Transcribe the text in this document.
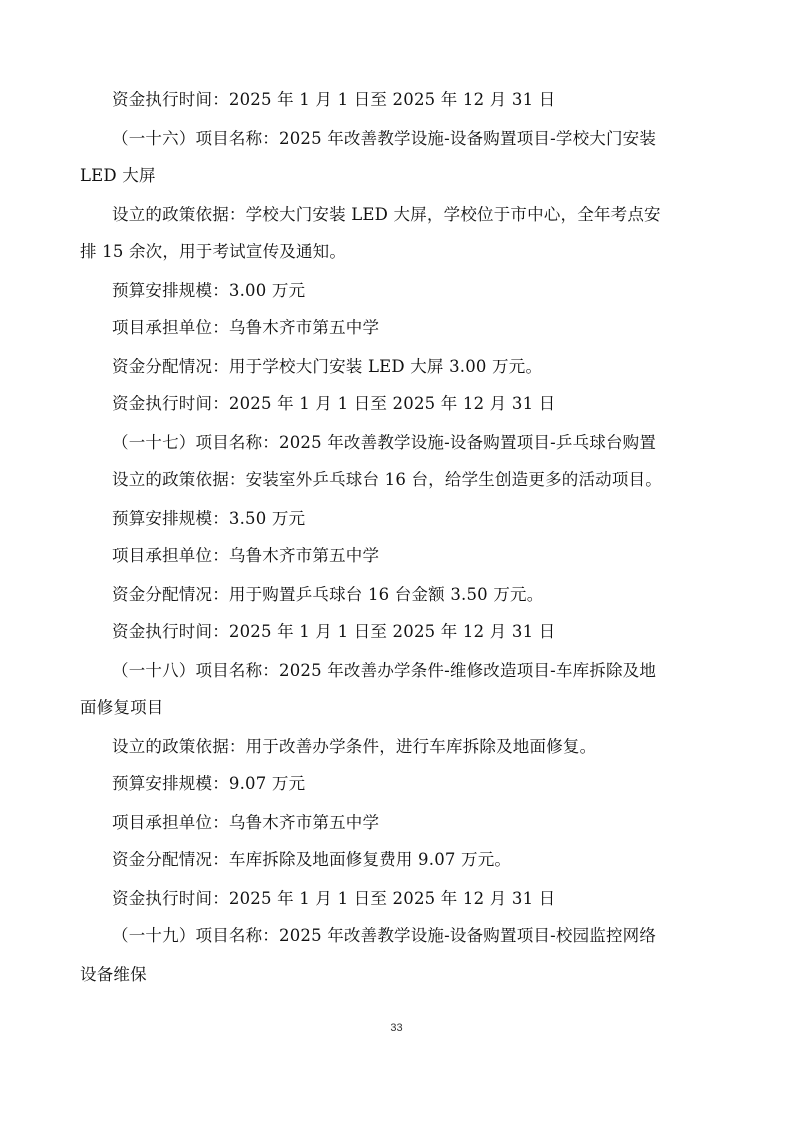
资金执行时间：2025 年 1 月 1 日至 2025 年 12 月 31 日
（一十六）项目名称：2025 年改善教学设施-设备购置项目-学校大门安装
LED 大屏
设立的政策依据：学校大门安装 LED 大屏，学校位于市中心，全年考点安
排 15 余次，用于考试宣传及通知。
预算安排规模：3.00 万元
项目承担单位：乌鲁木齐市第五中学
资金分配情况：用于学校大门安装 LED 大屏 3.00 万元。
资金执行时间：2025 年 1 月 1 日至 2025 年 12 月 31 日
（一十七）项目名称：2025 年改善教学设施-设备购置项目-乒乓球台购置
设立的政策依据：安装室外乒乓球台 16 台，给学生创造更多的活动项目。
预算安排规模：3.50 万元
项目承担单位：乌鲁木齐市第五中学
资金分配情况：用于购置乒乓球台 16 台金额 3.50 万元。
资金执行时间：2025 年 1 月 1 日至 2025 年 12 月 31 日
（一十八）项目名称：2025 年改善办学条件-维修改造项目-车库拆除及地
面修复项目
设立的政策依据：用于改善办学条件，进行车库拆除及地面修复。
预算安排规模：9.07 万元
项目承担单位：乌鲁木齐市第五中学
资金分配情况：车库拆除及地面修复费用 9.07 万元。
资金执行时间：2025 年 1 月 1 日至 2025 年 12 月 31 日
（一十九）项目名称：2025 年改善教学设施-设备购置项目-校园监控网络
设备维保
33
